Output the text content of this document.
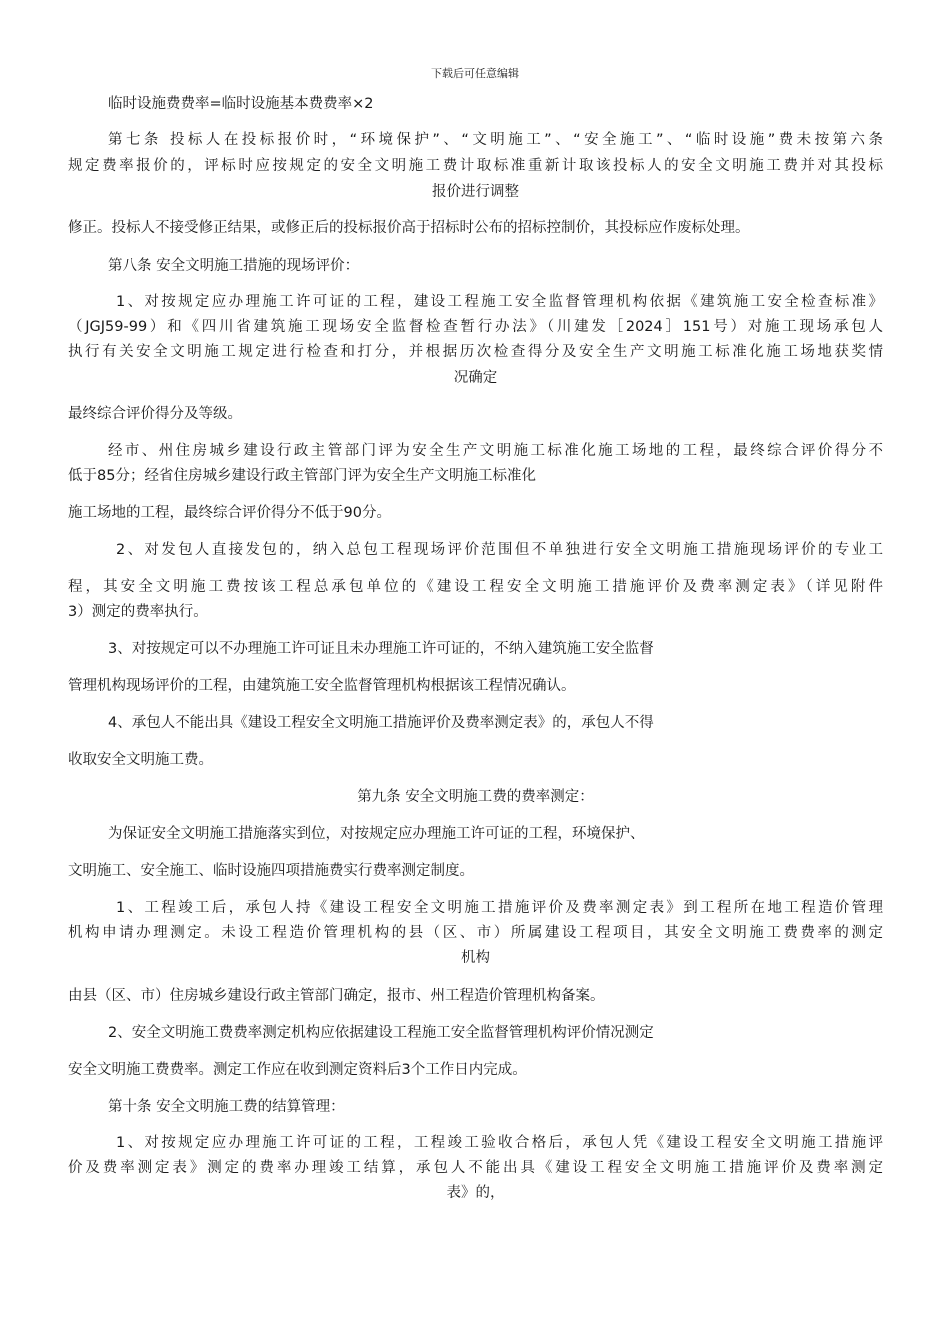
下载后可任意编辑
临时设施费费率=临时设施基本费费率×2
第七条 投标人在投标报价时，“环境保护”、“文明施工”、“安全施工”、“临时设施”费未按第六条
规定费率报价的，评标时应按规定的安全文明施工费计取标准重新计取该投标人的安全文明施工费并对其投标
报价进行调整
修正。投标人不接受修正结果，或修正后的投标报价高于招标时公布的招标控制价，其投标应作废标处理。
第八条 安全文明施工措施的现场评价：
1、对按规定应办理施工许可证的工程，建设工程施工安全监督管理机构依据《建筑施工安全检查标准》
（JGJ59-99）和《四川省建筑施工现场安全监督检查暂行办法》（川建发［2024］151号）对施工现场承包人
执行有关安全文明施工规定进行检查和打分，并根据历次检查得分及安全生产文明施工标准化施工场地获奖情
况确定
最终综合评价得分及等级。
经市、州住房城乡建设行政主管部门评为安全生产文明施工标准化施工场地的工程，最终综合评价得分不
低于85分；经省住房城乡建设行政主管部门评为安全生产文明施工标准化
施工场地的工程，最终综合评价得分不低于90分。
2、对发包人直接发包的，纳入总包工程现场评价范围但不单独进行安全文明施工措施现场评价的专业工
程，其安全文明施工费按该工程总承包单位的《建设工程安全文明施工措施评价及费率测定表》（详见附件
3）测定的费率执行。
3、对按规定可以不办理施工许可证且未办理施工许可证的，不纳入建筑施工安全监督
管理机构现场评价的工程，由建筑施工安全监督管理机构根据该工程情况确认。
4、承包人不能出具《建设工程安全文明施工措施评价及费率测定表》的，承包人不得
收取安全文明施工费。
第九条 安全文明施工费的费率测定：
为保证安全文明施工措施落实到位，对按规定应办理施工许可证的工程，环境保护、
文明施工、安全施工、临时设施四项措施费实行费率测定制度。
1、工程竣工后，承包人持《建设工程安全文明施工措施评价及费率测定表》到工程所在地工程造价管理
机构申请办理测定。未设工程造价管理机构的县（区、市）所属建设工程项目，其安全文明施工费费率的测定
机构
由县（区、市）住房城乡建设行政主管部门确定，报市、州工程造价管理机构备案。
2、安全文明施工费费率测定机构应依据建设工程施工安全监督管理机构评价情况测定
安全文明施工费费率。测定工作应在收到测定资料后3个工作日内完成。
第十条 安全文明施工费的结算管理：
1、对按规定应办理施工许可证的工程，工程竣工验收合格后，承包人凭《建设工程安全文明施工措施评
价及费率测定表》测定的费率办理竣工结算，承包人不能出具《建设工程安全文明施工措施评价及费率测定
表》的，
